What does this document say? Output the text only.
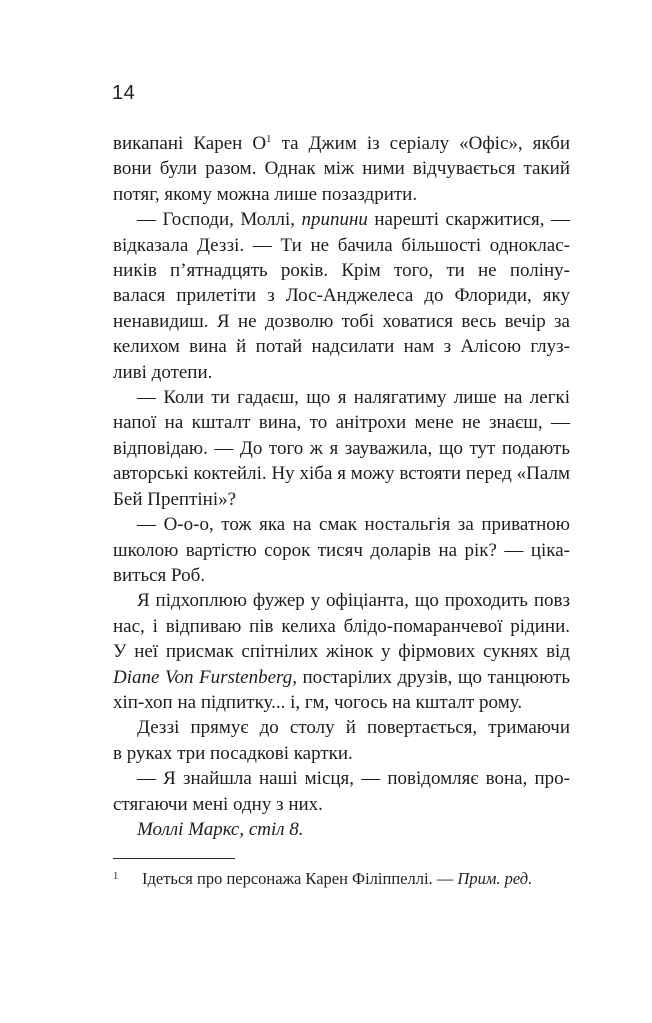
14
викапані Карен О$^1$ та Джим із серіалу «Офіс», якби
вони були разом. Однак між ними відчувається такий
потяг, якому можна лише позаздрити.
— Господи, Моллі, припини нарешті скаржитися, —
відказала Деззі. — Ти не бачила більшості одноклас-
ників п’ятнадцять років. Крім того, ти не поліну-
валася прилетіти з Лос-Анджелеса до Флориди, яку
ненавидиш. Я не дозволю тобі ховатися весь вечір за
келихом вина й потай надсилати нам з Алісою глуз-
ливі дотепи.
— Коли ти гадаєш, що я налягатиму лише на легкі
напої на кшталт вина, то анітрохи мене не знаєш, —
відповідаю. — До того ж я зауважила, що тут подають
авторські коктейлі. Ну хіба я можу встояти перед «Палм
Бей Прептіні»?
— О-о-о, тож яка на смак ностальгія за приватною
школою вартістю сорок тисяч доларів на рік? — ціка-
виться Роб.
Я підхоплюю фужер у офіціанта, що проходить повз
нас, і відпиваю пів келиха блідо-помаранчевої рідини.
У неї присмак спітнілих жінок у фірмових сукнях від
Diane Von Furstenberg, постарілих друзів, що танцюють
хіп-хоп на підпитку... і, гм, чогось на кшталт рому.
Деззі прямує до столу й повертається, тримаючи
в руках три посадкові картки.
— Я знайшла наші місця, — повідомляє вона, про-
стягаючи мені одну з них.
Моллі Маркс, стіл 8.
$^1$ Ідеться про персонажа Карен Філіппеллі. — Прим. ред.
